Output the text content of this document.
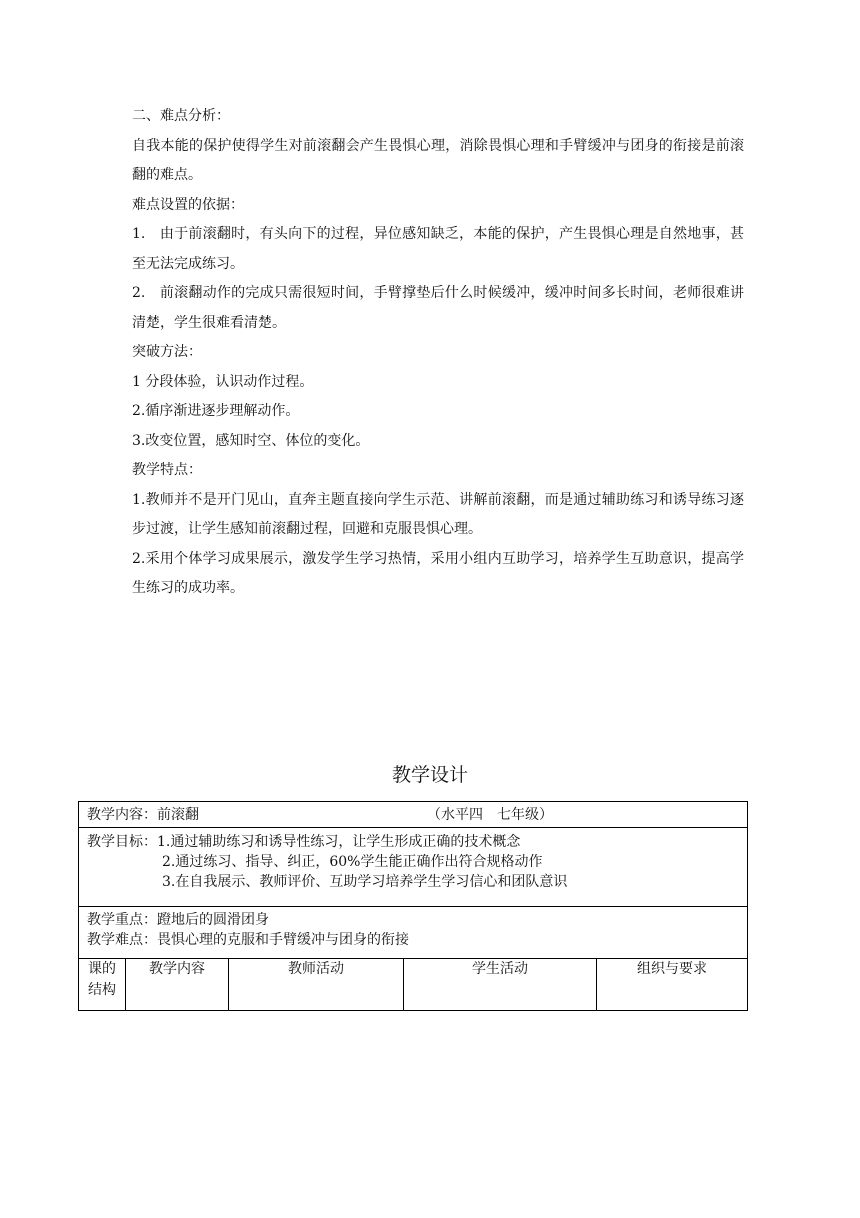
二、难点分析：

自我本能的保护使得学生对前滚翻会产生畏惧心理，消除畏惧心理和手臂缓冲与团身的衔接是前滚翻的难点。

难点设置的依据：

1.　由于前滚翻时，有头向下的过程，异位感知缺乏，本能的保护，产生畏惧心理是自然地事，甚至无法完成练习。

2.　前滚翻动作的完成只需很短时间，手臂撑垫后什么时候缓冲，缓冲时间多长时间，老师很难讲清楚，学生很难看清楚。

突破方法：

1 分段体验，认识动作过程。

2.循序渐进逐步理解动作。

3.改变位置，感知时空、体位的变化。

教学特点：

1.教师并不是开门见山，直奔主题直接向学生示范、讲解前滚翻，而是通过辅助练习和诱导练习逐步过渡，让学生感知前滚翻过程，回避和克服畏惧心理。

2.采用个体学习成果展示，激发学生学习热情，采用小组内互助学习，培养学生互助意识，提高学生练习的成功率。

教学设计
教学内容：前滚翻	（水平四　七年级）

教学目标：1.通过辅助练习和诱导性练习，让学生形成正确的技术概念
2.通过练习、指导、纠正，60%学生能正确作出符合规格动作
3.在自我展示、教师评价、互助学习培养学生学习信心和团队意识

教学重点：蹬地后的圆滑团身
教学难点：畏惧心理的克服和手臂缓冲与团身的衔接

课的
结构
	教学内容	教师活动	学生活动	组织与要求
